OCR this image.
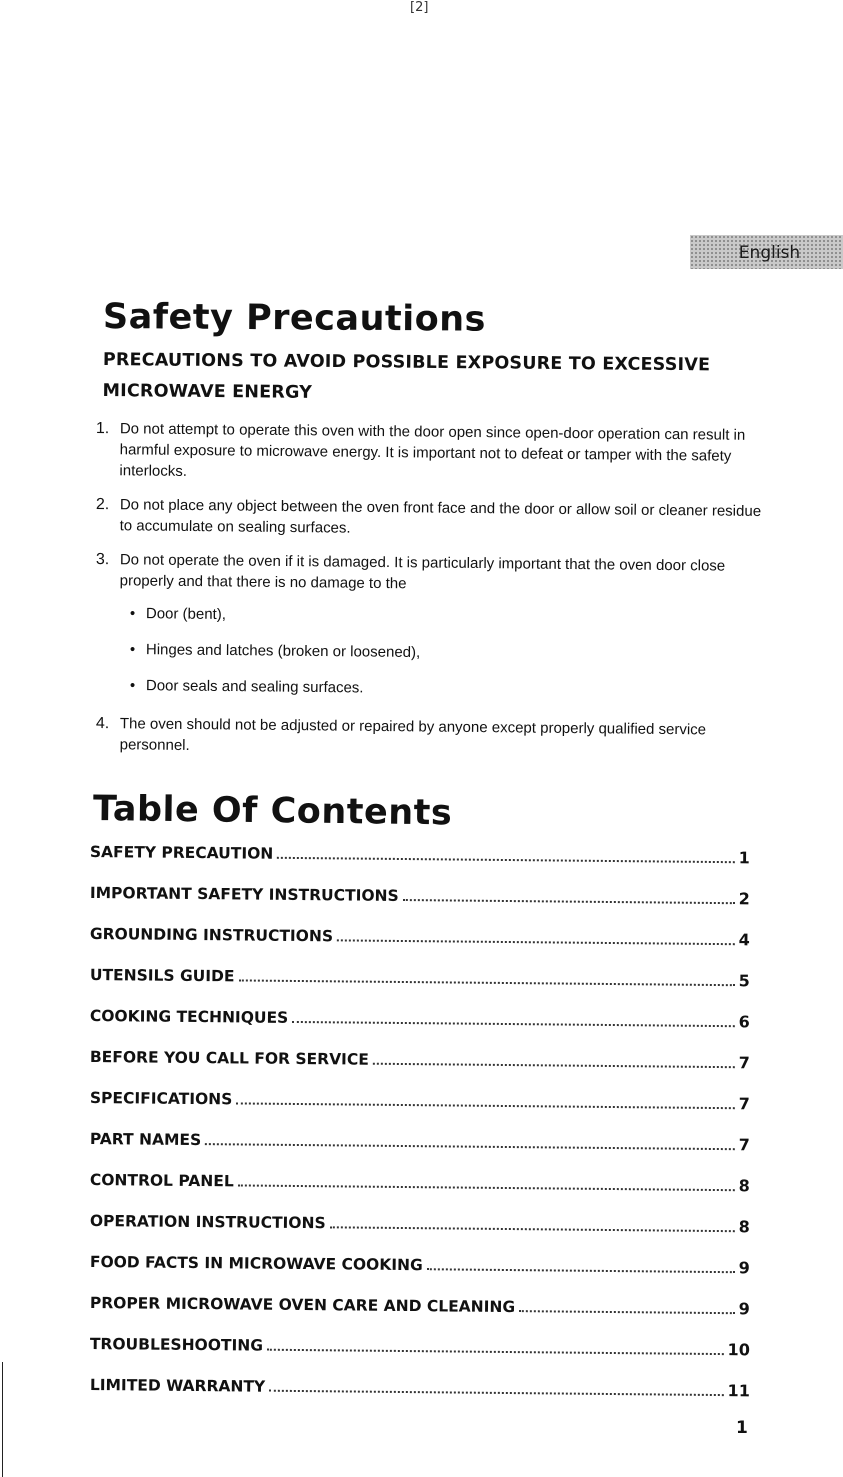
[2]
English
Safety Precautions

PRECAUTIONS TO AVOID POSSIBLE EXPOSURE TO EXCESSIVE MICROWAVE ENERGY

1. Do not attempt to operate this oven with the door open since open-door operation can result in harmful exposure to microwave energy. It is important not to defeat or tamper with the safety interlocks.
2. Do not place any object between the oven front face and the door or allow soil or cleaner residue to accumulate on sealing surfaces.
3. Do not operate the oven if it is damaged. It is particularly important that the oven door close properly and that there is no damage to the
• Door (bent),
• Hinges and latches (broken or loosened),
• Door seals and sealing surfaces.
4. The oven should not be adjusted or repaired by anyone except properly qualified service personnel.
Table Of Contents
SAFETY PRECAUTION	1
IMPORTANT SAFETY INSTRUCTIONS	2
GROUNDING INSTRUCTIONS	4
UTENSILS GUIDE	5
COOKING TECHNIQUES	6
BEFORE YOU CALL FOR SERVICE	7
SPECIFICATIONS	7
PART NAMES	7
CONTROL PANEL	8
OPERATION INSTRUCTIONS	8
FOOD FACTS IN MICROWAVE COOKING	9
PROPER MICROWAVE OVEN CARE AND CLEANING	9
TROUBLESHOOTING	10
LIMITED WARRANTY	11
1
